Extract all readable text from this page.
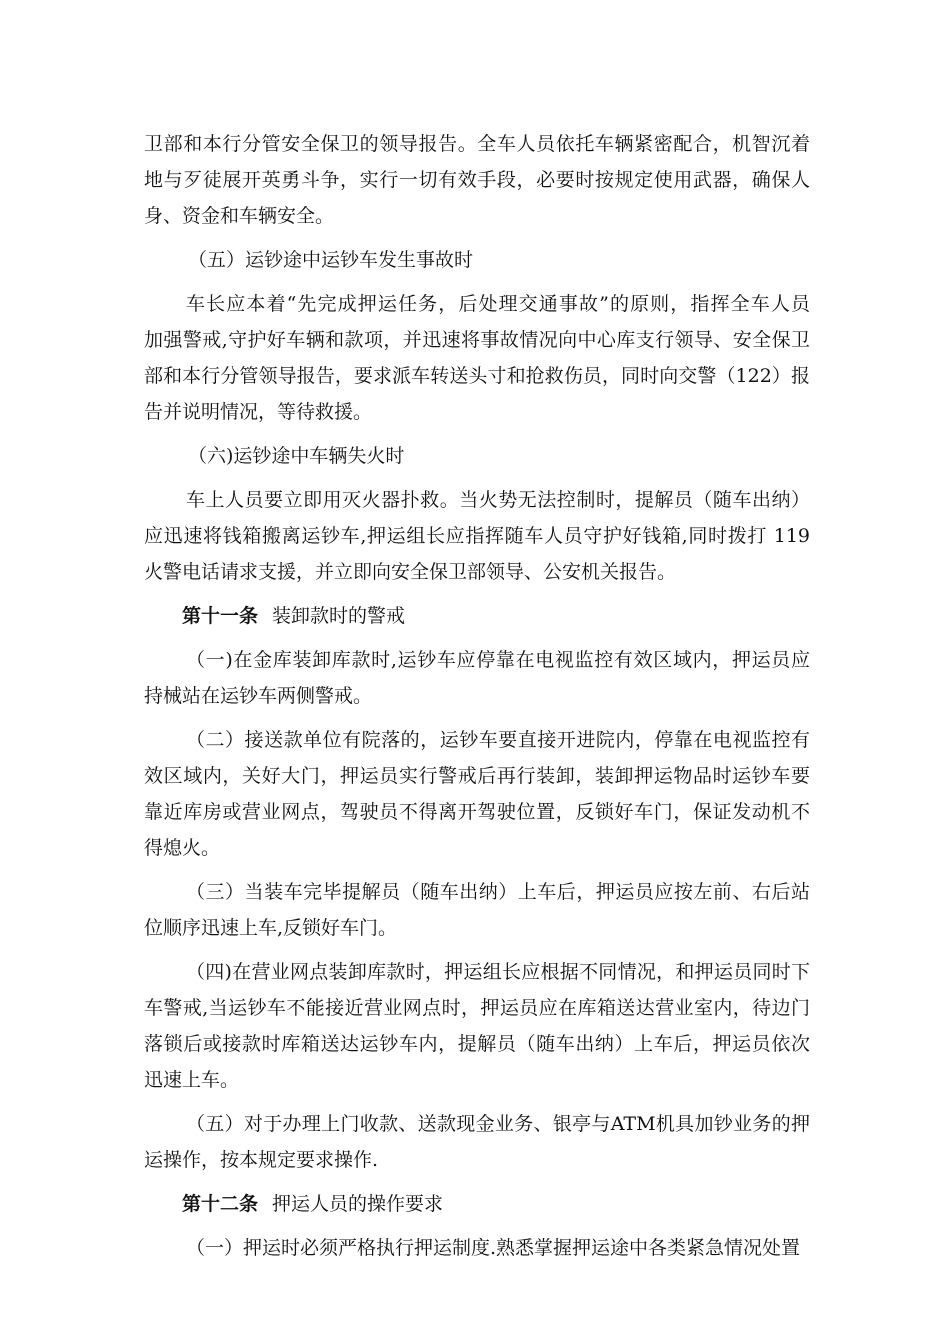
卫部和本行分管安全保卫的领导报告。全车人员依托车辆紧密配合，机智沉着
地与歹徒展开英勇斗争，实行一切有效手段，必要时按规定使用武器，确保人
身、资金和车辆安全。
（五）运钞途中运钞车发生事故时
车长应本着“先完成押运任务，后处理交通事故”的原则，指挥全车人员
加强警戒,守护好车辆和款项，并迅速将事故情况向中心库支行领导、安全保卫
部和本行分管领导报告，要求派车转送头寸和抢救伤员，同时向交警（122）报
告并说明情况，等待救援。
（六)运钞途中车辆失火时
车上人员要立即用灭火器扑救。当火势无法控制时，提解员（随车出纳）
应迅速将钱箱搬离运钞车,押运组长应指挥随车人员守护好钱箱,同时拨打 119
火警电话请求支援，并立即向安全保卫部领导、公安机关报告。
第十一条 装卸款时的警戒
（一)在金库装卸库款时,运钞车应停靠在电视监控有效区域内，押运员应
持械站在运钞车两侧警戒。
（二）接送款单位有院落的，运钞车要直接开进院内，停靠在电视监控有
效区域内，关好大门，押运员实行警戒后再行装卸，装卸押运物品时运钞车要
靠近库房或营业网点，驾驶员不得离开驾驶位置，反锁好车门，保证发动机不
得熄火。
（三）当装车完毕提解员（随车出纳）上车后，押运员应按左前、右后站
位顺序迅速上车,反锁好车门。
（四)在营业网点装卸库款时，押运组长应根据不同情况，和押运员同时下
车警戒,当运钞车不能接近营业网点时，押运员应在库箱送达营业室内，待边门
落锁后或接款时库箱送达运钞车内，提解员（随车出纳）上车后，押运员依次
迅速上车。
（五）对于办理上门收款、送款现金业务、银亭与ATM机具加钞业务的押
运操作，按本规定要求操作.
第十二条 押运人员的操作要求
（一）押运时必须严格执行押运制度.熟悉掌握押运途中各类紧急情况处置
